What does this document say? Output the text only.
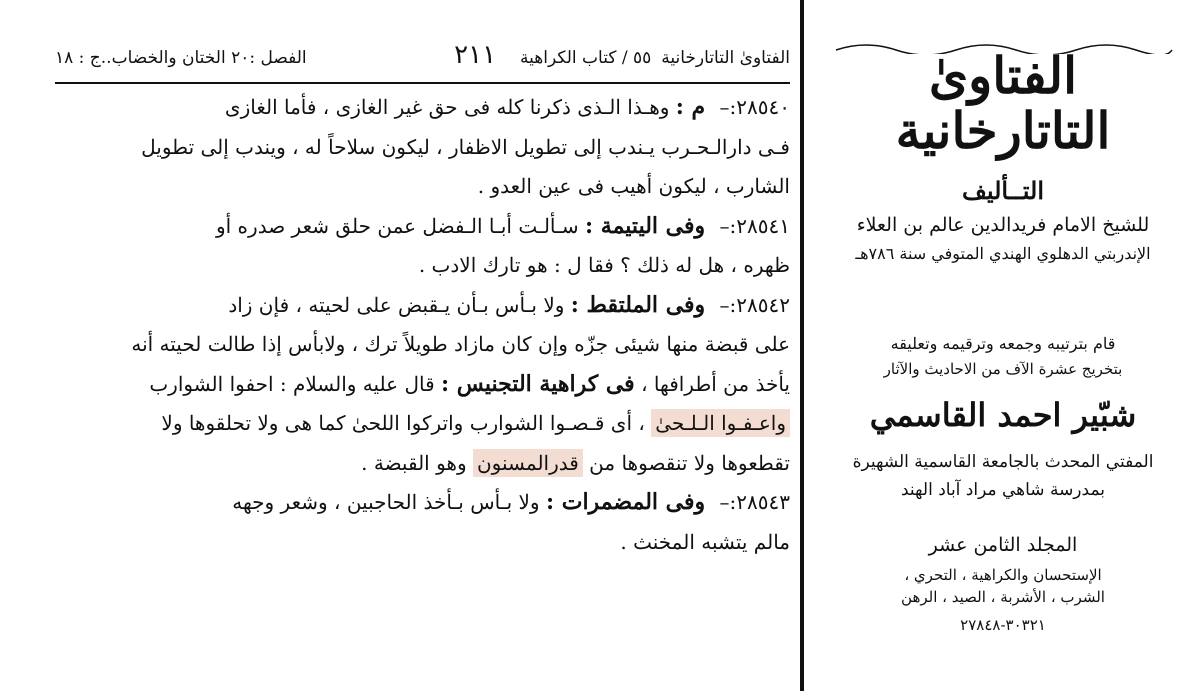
الفتاوىٰ التاتارخانية
٥٥ / كتاب الكراهية
٢١١
الفصل :٢٠ الختان والخضاب..ج : ١٨
٢٨٥٤٠:– م : وهـذا الـذى ذكرنا كله فى حق غير الغازى ، فأما الغازى
فـى دارالـحـرب يـندب إلى تطويل الاظفار ، ليكون سلاحاً له ، ويندب إلى تطويل
الشارب ، ليكون أهيب فى عين العدو .
٢٨٥٤١:– وفى اليتيمة : سـألـت أبـا الـفضل عمن حلق شعر صدره أو
ظهره ، هل له ذلك ؟ فقا ل : هو تارك الادب .
٢٨٥٤٢:– وفى الملتقط : ولا بـأس بـأن يـقبض على لحيته ، فإن زاد
على قبضة منها شيئى جزّه وإن كان مازاد طويلاً ترك ، ولابأس إذا طالت لحيته أنه
يأخذ من أطرافها ، فى كراهية التجنيس : قال عليه والسلام : احفوا الشوارب
واعـفـوا الـلـحىٰ ، أى قـصـوا الشوارب واتركوا اللحىٰ كما هى ولا تحلقوها ولا
تقطعوها ولا تنقصوها من قدرالمسنون وهو القبضة .
٢٨٥٤٣:– وفى المضمرات : ولا بـأس بـأخذ الحاجبين ، وشعر وجهه
مالم يتشبه المخنث .
الفتاوىٰ التاتارخانية
التــأليف
للشيخ الامام فريدالدين عالم بن العلاء
الإندربتي الدهلوي الهندي المتوفي سنة ٧٨٦هـ
قام بترتيبه وجمعه وترقيمه وتعليقه
بتخريج عشرة الآف من الاحاديث والآثار
شبّير احمد القاسمي
المفتي المحدث بالجامعة القاسمية الشهيرة
بمدرسة شاهي مراد آباد الهند
المجلد الثامن عشر
الإستحسان والكراهية ، التحري ،
الشرب ، الأشربة ، الصيد ، الرهن
٣٠٣٢١-٢٧٨٤٨
